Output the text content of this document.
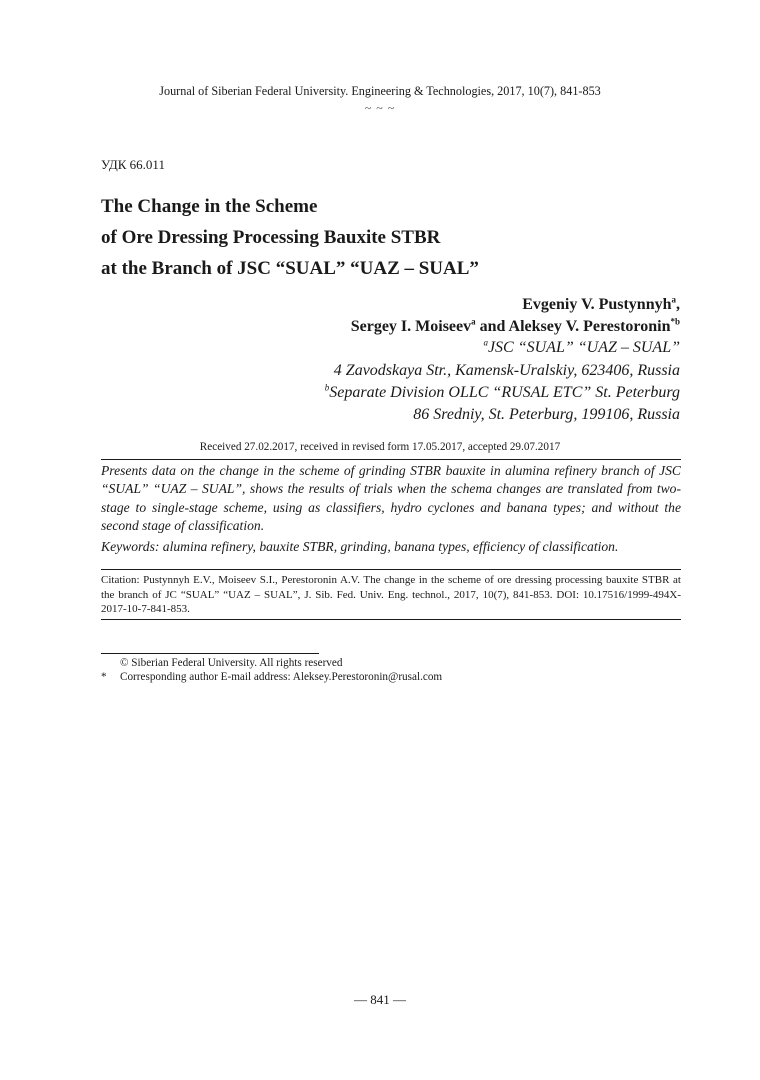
Journal of Siberian Federal University. Engineering & Technologies, 2017, 10(7), 841-853
~ ~ ~
УДК 66.011
The Change in the Scheme
of Ore Dressing Processing Bauxite STBR
at the Branch of JSC “SUAL” “UAZ – SUAL”
Evgeniy V. Pustynnyh$^a$,
Sergey I. Moiseev$^a$ and Aleksey V. Perestoronin$^{*b}$
$^a$JSC “SUAL” “UAZ – SUAL”
4 Zavodskaya Str., Kamensk-Uralskiy, 623406, Russia
$^b$Separate Division OLLC “RUSAL ETC” St. Peterburg
86 Sredniy, St. Peterburg, 199106, Russia
Received 27.02.2017, received in revised form 17.05.2017, accepted 29.07.2017
Presents data on the change in the scheme of grinding STBR bauxite in alumina refinery branch of JSC “SUAL” “UAZ – SUAL”, shows the results of trials when the schema changes are translated from two-stage to single-stage scheme, using as classifiers, hydro cyclones and banana types; and without the second stage of classification.
Keywords: alumina refinery, bauxite STBR, grinding, banana types, efficiency of classification.
Citation: Pustynnyh E.V., Moiseev S.I., Perestoronin A.V. The change in the scheme of ore dressing processing bauxite STBR at the branch of JC “SUAL” “UAZ – SUAL”, J. Sib. Fed. Univ. Eng. technol., 2017, 10(7), 841-853. DOI: 10.17516/1999-494X-2017-10-7-841-853.
© Siberian Federal University. All rights reserved
* Corresponding author E-mail address: Aleksey.Perestoronin@rusal.com
— 841 —
